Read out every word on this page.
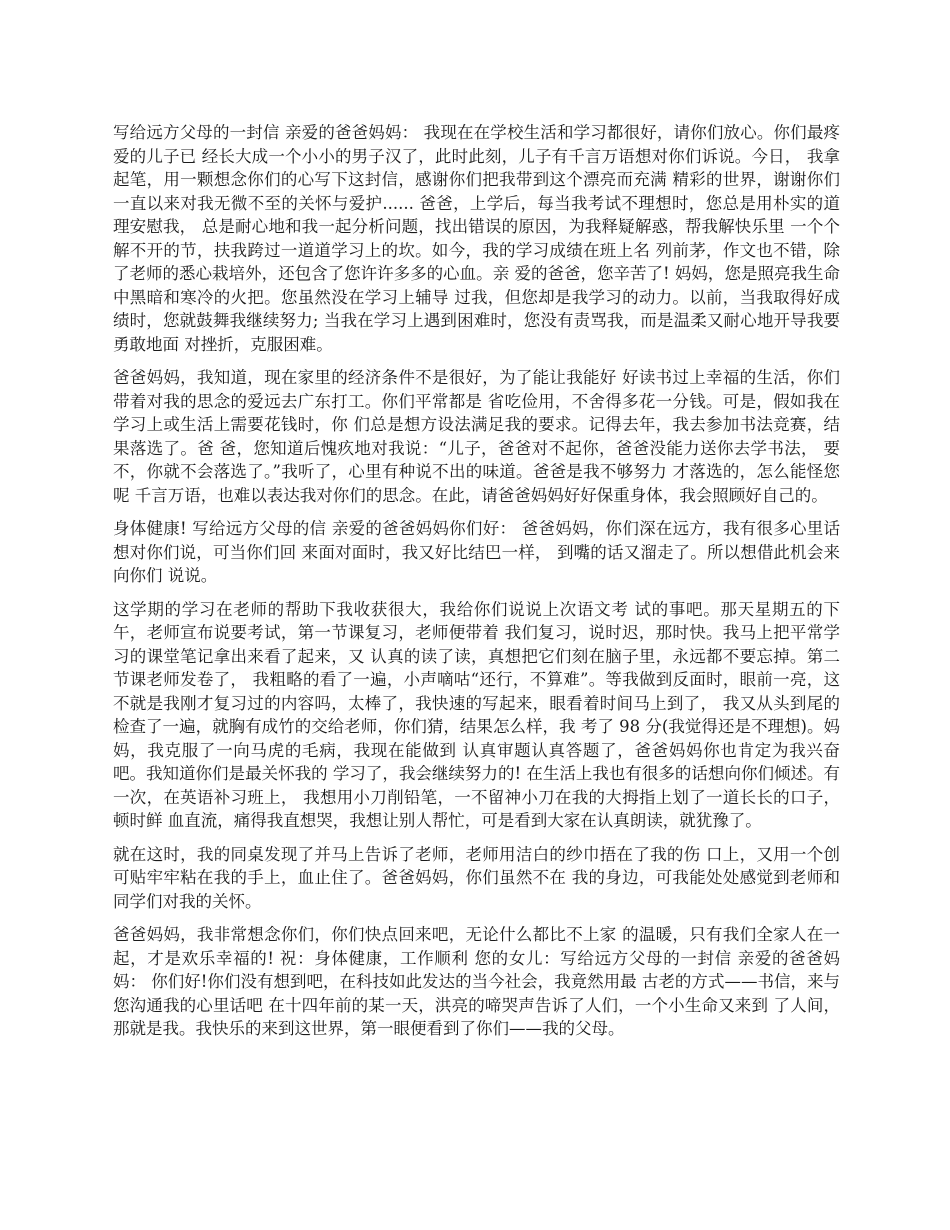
写给远方父母的一封信 亲爱的爸爸妈妈： 我现在在学校生活和学习都很好，请你们放心。你们最疼爱的儿子已 经长大成一个小小的男子汉了，此时此刻，儿子有千言万语想对你们诉说。今日， 我拿起笔，用一颗想念你们的心写下这封信，感谢你们把我带到这个漂亮而充满 精彩的世界，谢谢你们一直以来对我无微不至的关怀与爱护...... 爸爸，上学后，每当我考试不理想时，您总是用朴实的道理安慰我， 总是耐心地和我一起分析问题，找出错误的原因，为我释疑解惑，帮我解快乐里 一个个解不开的节，扶我跨过一道道学习上的坎。如今，我的学习成绩在班上名 列前茅，作文也不错，除了老师的悉心栽培外，还包含了您许许多多的心血。亲 爱的爸爸，您辛苦了! 妈妈，您是照亮我生命中黑暗和寒冷的火把。您虽然没在学习上辅导 过我，但您却是我学习的动力。以前，当我取得好成绩时，您就鼓舞我继续努力; 当我在学习上遇到困难时，您没有责骂我，而是温柔又耐心地开导我要勇敢地面 对挫折，克服困难。

爸爸妈妈，我知道，现在家里的经济条件不是很好，为了能让我能好 好读书过上幸福的生活，你们带着对我的思念的爱远去广东打工。你们平常都是 省吃俭用，不舍得多花一分钱。可是，假如我在学习上或生活上需要花钱时，你 们总是想方设法满足我的要求。记得去年，我去参加书法竞赛，结果落选了。爸 爸，您知道后愧疚地对我说：“儿子，爸爸对不起你，爸爸没能力送你去学书法， 要不，你就不会落选了。”我听了，心里有种说不出的味道。爸爸是我不够努力 才落选的，怎么能怪您呢 千言万语，也难以表达我对你们的思念。在此，请爸爸妈妈好好保重身体，我会照顾好自己的。

身体健康! 写给远方父母的信 亲爱的爸爸妈妈你们好： 爸爸妈妈，你们深在远方，我有很多心里话想对你们说，可当你们回 来面对面时，我又好比结巴一样， 到嘴的话又溜走了。所以想借此机会来向你们 说说。

这学期的学习在老师的帮助下我收获很大，我给你们说说上次语文考 试的事吧。那天星期五的下午，老师宣布说要考试，第一节课复习，老师便带着 我们复习，说时迟，那时快。我马上把平常学习的课堂笔记拿出来看了起来，又 认真的读了读，真想把它们刻在脑子里，永远都不要忘掉。第二节课老师发卷了， 我粗略的看了一遍，小声嘀咕“还行，不算难”。等我做到反面时，眼前一亮，这 不就是我刚才复习过的内容吗，太棒了，我快速的写起来，眼看着时间马上到了， 我又从头到尾的检查了一遍，就胸有成竹的交给老师，你们猜，结果怎么样，我 考了 98 分(我觉得还是不理想)。妈妈，我克服了一向马虎的毛病，我现在能做到 认真审题认真答题了，爸爸妈妈你也肯定为我兴奋吧。我知道你们是最关怀我的 学习了，我会继续努力的! 在生活上我也有很多的话想向你们倾述。有一次，在英语补习班上， 我想用小刀削铅笔，一不留神小刀在我的大拇指上划了一道长长的口子，顿时鲜 血直流，痛得我直想哭，我想让别人帮忙，可是看到大家在认真朗读，就犹豫了。

就在这时，我的同桌发现了并马上告诉了老师，老师用洁白的纱巾捂在了我的伤 口上，又用一个创可贴牢牢粘在我的手上，血止住了。爸爸妈妈，你们虽然不在 我的身边，可我能处处感觉到老师和同学们对我的关怀。

爸爸妈妈，我非常想念你们，你们快点回来吧，无论什么都比不上家 的温暖，只有我们全家人在一起，才是欢乐幸福的! 祝：身体健康，工作顺利 您的女儿：写给远方父母的一封信 亲爱的爸爸妈妈： 你们好!你们没有想到吧，在科技如此发达的当今社会，我竟然用最 古老的方式——书信，来与您沟通我的心里话吧 在十四年前的某一天，洪亮的啼哭声告诉了人们，一个小生命又来到 了人间，那就是我。我快乐的来到这世界，第一眼便看到了你们——我的父母。
